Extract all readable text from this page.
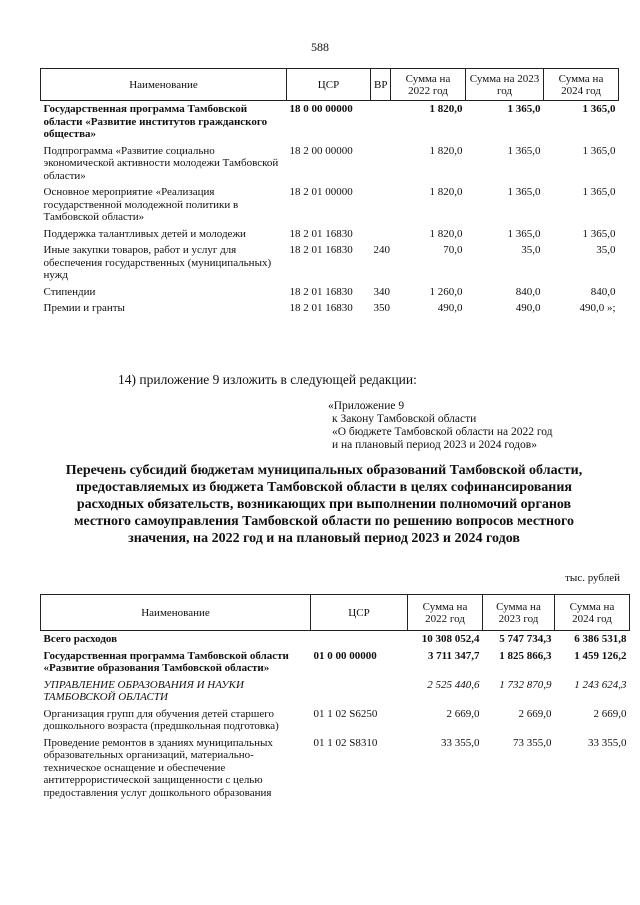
588
Наименование	ЦСР	ВР	Сумма на 2022 год	Сумма на 2023 год	Сумма на 2024 год
Государственная программа Тамбовской области «Развитие институтов гражданского общества»	18 0 00 00000		1 820,0	1 365,0	1 365,0
Подпрограмма «Развитие социально экономической активности молодежи Тамбовской области»	18 2 00 00000		1 820,0	1 365,0	1 365,0
Основное мероприятие «Реализация государственной молодежной политики в Тамбовской области»	18 2 01 00000		1 820,0	1 365,0	1 365,0
Поддержка талантливых детей и молодежи	18 2 01 16830		1 820,0	1 365,0	1 365,0
Иные закупки товаров, работ и услуг для обеспечения государственных (муниципальных) нужд	18 2 01 16830	240	70,0	35,0	35,0
Стипендии	18 2 01 16830	340	1 260,0	840,0	840,0
Премии и гранты	18 2 01 16830	350	490,0	490,0	490,0 »;
14) приложение 9 изложить в следующей редакции:
«Приложение 9
к Закону Тамбовской области
«О бюджете Тамбовской области на 2022 год
и на плановый период 2023 и 2024 годов»
Перечень субсидий бюджетам муниципальных образований Тамбовской области, предоставляемых из бюджета Тамбовской области в целях софинансирования расходных обязательств, возникающих при выполнении полномочий органов местного самоуправления Тамбовской области по решению вопросов местного значения, на 2022 год и на плановый период 2023 и 2024 годов
тыс. рублей
Наименование	ЦСР	Сумма на 2022 год	Сумма на 2023 год	Сумма на 2024 год
Всего расходов		10 308 052,4	5 747 734,3	6 386 531,8
Государственная программа Тамбовской области «Развитие образования Тамбовской области»	01 0 00 00000	3 711 347,7	1 825 866,3	1 459 126,2
УПРАВЛЕНИЕ ОБРАЗОВАНИЯ И НАУКИ ТАМБОВСКОЙ ОБЛАСТИ		2 525 440,6	1 732 870,9	1 243 624,3
Организация групп для обучения детей старшего дошкольного возраста (предшкольная подготовка)	01 1 02 S6250	2 669,0	2 669,0	2 669,0
Проведение ремонтов в зданиях муниципальных образовательных организаций, материально-техническое оснащение и обеспечение антитеррористической защищенности с целью предоставления услуг дошкольного образования	01 1 02 S8310	33 355,0	73 355,0	33 355,0
